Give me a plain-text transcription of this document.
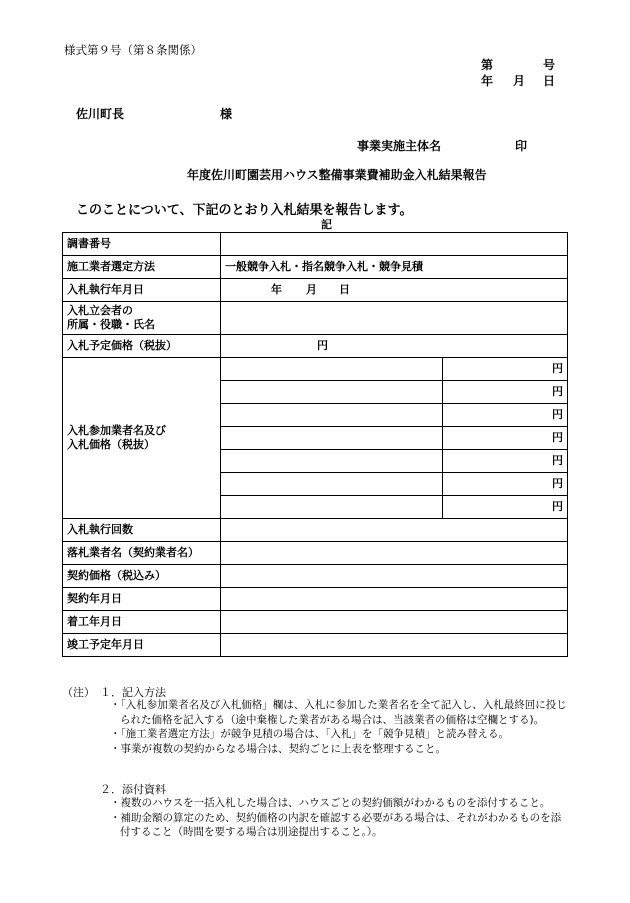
様式第９号（第８条関係）
第	号
年 月 日
佐川町長	様
事業実施主体名	印
年度佐川町園芸用ハウス整備事業費補助金入札結果報告
このことについて、下記のとおり入札結果を報告します。
記
調書番号		
施工業者選定方法	一般競争入札・指名競争入札・競争見積	
入札執行年月日	年 月 日	
入札立会者の
所属・役職・氏名		
入札予定価格（税抜）	円	
入札参加業者名及び
入札価格（税抜）		円
		円
		円
		円
		円
		円
		円
入札執行回数		
落札業者名（契約業者名）		
契約価格（税込み）		
契約年月日		
着工年月日		
竣工予定年月日		
（注） １．記入方法
・「入札参加業者名及び入札価格」欄は、入札に参加した業者名を全て記入し、入札最終回に投じられた価格を記入する（途中棄権した業者がある場合は、当該業者の価格は空欄とする)。
・「施工業者選定方法」が競争見積の場合は、「入札」を「競争見積」と読み替える。
・事業が複数の契約からなる場合は、契約ごとに上表を整理すること。
２．添付資料
・複数のハウスを一括入札した場合は、ハウスごとの契約価額がわかるものを添付すること。
・補助金額の算定のため、契約価格の内訳を確認する必要がある場合は、それがわかるものを添付すること（時間を要する場合は別途提出すること。）。
